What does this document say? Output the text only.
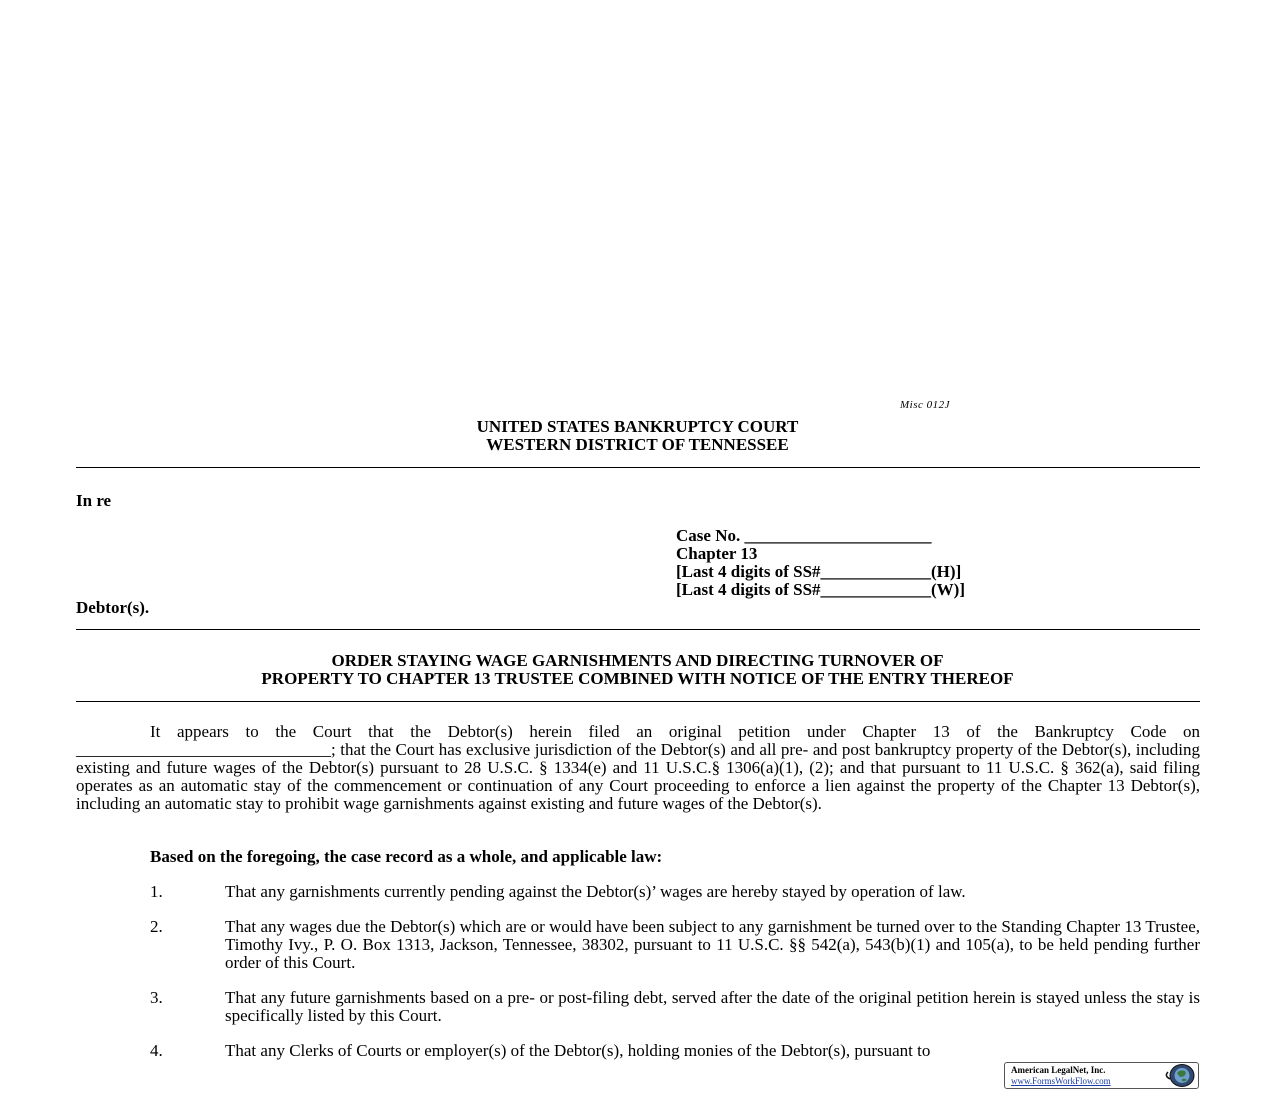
Misc 012J
UNITED STATES BANKRUPTCY COURT
WESTERN DISTRICT OF TENNESSEE
In re
Case No. ______________________
Chapter 13
[Last 4 digits of SS#_____________(H)]
[Last 4 digits of SS#_____________(W)]
Debtor(s).
ORDER STAYING WAGE GARNISHMENTS AND DIRECTING TURNOVER OF
PROPERTY TO CHAPTER 13 TRUSTEE COMBINED WITH NOTICE OF THE ENTRY THEREOF
It appears to the Court that the Debtor(s) herein filed an original petition under Chapter 13 of the Bankruptcy Code on ______________________________; that the Court has exclusive jurisdiction of the Debtor(s) and all pre- and post bankruptcy property of the Debtor(s), including existing and future wages of the Debtor(s) pursuant to 28 U.S.C. § 1334(e) and 11 U.S.C.§ 1306(a)(1), (2); and that pursuant to 11 U.S.C. § 362(a), said filing operates as an automatic stay of the commencement or continuation of any Court proceeding to enforce a lien against the property of the Chapter 13 Debtor(s), including an automatic stay to prohibit wage garnishments against existing and future wages of the Debtor(s).
Based on the foregoing, the case record as a whole, and applicable law:
1.	That any garnishments currently pending against the Debtor(s)’ wages are hereby stayed by operation of law.
2.	That any wages due the Debtor(s) which are or would have been subject to any garnishment be turned over to the Standing Chapter 13 Trustee, Timothy Ivy., P. O. Box 1313, Jackson, Tennessee, 38302, pursuant to 11 U.S.C. §§ 542(a), 543(b)(1) and 105(a), to be held pending further order of this Court.
3.	That any future garnishments based on a pre- or post-filing debt, served after the date of the original petition herein is stayed unless the stay is specifically listed by this Court.
4.	That any Clerks of Courts or employer(s) of the Debtor(s), holding monies of the Debtor(s), pursuant to
American LegalNet, Inc.
www.FormsWorkFlow.com
